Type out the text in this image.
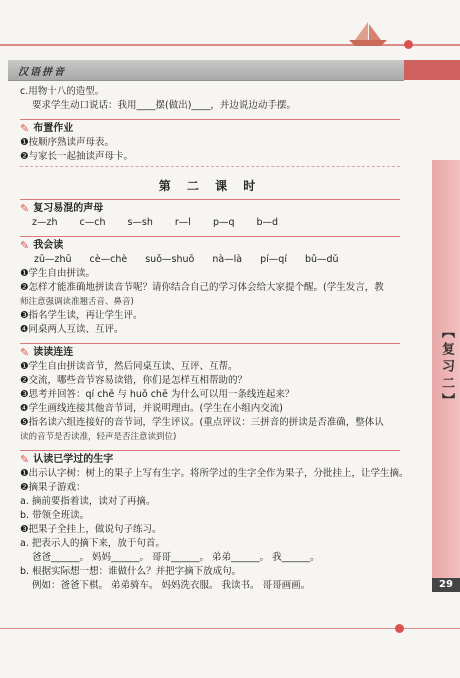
汉语拼音
【复习二】
29
c.用物十八的造型。
要求学生动口说话：我用____摆(做出)____，并边说边动手摆。
✎ 布置作业
❶按顺序熟读声母表。
❷与家长一起抽读声母卡。
第 二 课 时
✎ 复习易混的声母
z—zh c—ch s—sh r—l p—q b—d
✎ 我会读
zū—zhū cè—chè suǒ—shuō nà—là pí—qí bǔ—dǔ
❶学生自由拼读。
❷怎样才能准确地拼读音节呢？请你结合自己的学习体会给大家提个醒。(学生发言，教
师注意强调读准翘舌音、鼻音)
❸指名学生读，再让学生评。
❹同桌两人互读、互评。
✎ 读读连连
❶学生自由拼读音节，然后同桌互读、互评、互帮。
❷交流，哪些音节容易读错，你们是怎样互相帮助的？
❸思考并回答：qí chē 与 huǒ chē 为什么可以用一条线连起来？
❹学生画线连接其他音节词，并说明理由。(学生在小组内交流)
❺指名读六组连接好的音节词，学生评议。(重点评议：三拼音的拼读是否准确，整体认
读的音节是否读准，轻声是否注意读到位)
✎ 认读已学过的生字
❶出示认字树：树上的果子上写有生字。将所学过的生字全作为果子，分批挂上，让学生摘。
❷摘果子游戏：
a. 摘前要指着读，读对了再摘。
b. 带领全班读。
❸把果子全挂上，做说句子练习。
a. 把表示人的摘下来，放于句首。
爸爸______。 妈妈______。 哥哥______。 弟弟______。 我______。
b. 根据实际想一想：谁做什么？并把字摘下放成句。
例如：爸爸下棋。 弟弟骑车。 妈妈洗衣服。 我读书。 哥哥画画。
